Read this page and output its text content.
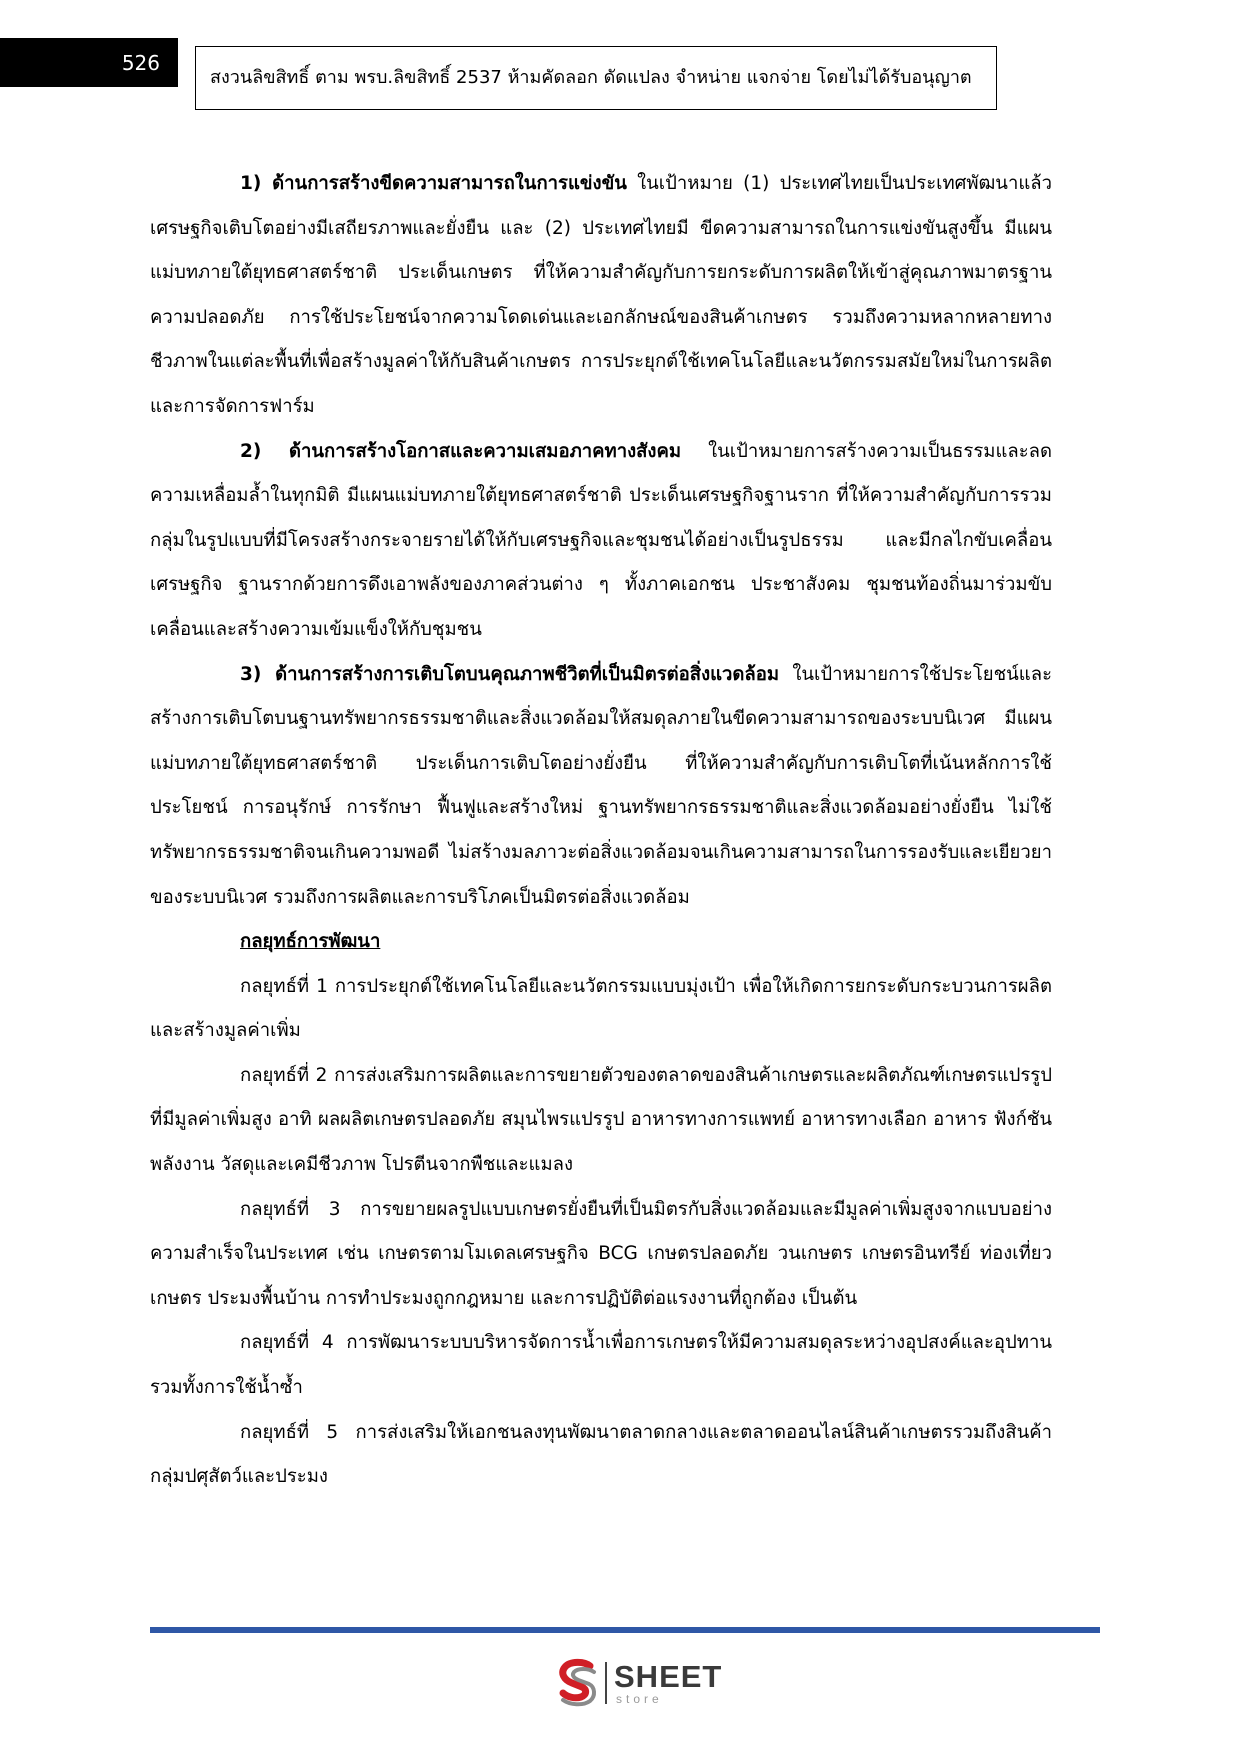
526
สงวนลิขสิทธิ์ ตาม พรบ.ลิขสิทธิ์ 2537 ห้ามคัดลอก ดัดแปลง จำหน่าย แจกจ่าย โดยไม่ได้รับอนุญาต

1) ด้านการสร้างขีดความสามารถในการแข่งขัน ในเป้าหมาย (1) ประเทศไทยเป็นประเทศพัฒนาแล้ว เศรษฐกิจเติบโตอย่างมีเสถียรภาพและยั่งยืน และ (2) ประเทศไทยมี ขีดความสามารถในการแข่งขันสูงขึ้น มีแผนแม่บทภายใต้ยุทธศาสตร์ชาติ ประเด็นเกษตร ที่ให้ความสำคัญกับการยกระดับการผลิตให้เข้าสู่คุณภาพมาตรฐานความปลอดภัย การใช้ประโยชน์จากความโดดเด่นและเอกลักษณ์ของสินค้าเกษตร รวมถึงความหลากหลายทางชีวภาพในแต่ละพื้นที่เพื่อสร้างมูลค่าให้กับสินค้าเกษตร การประยุกต์ใช้เทคโนโลยีและนวัตกรรมสมัยใหม่ในการผลิตและการจัดการฟาร์ม

2) ด้านการสร้างโอกาสและความเสมอภาคทางสังคม ในเป้าหมายการสร้างความเป็นธรรมและลดความเหลื่อมล้ำในทุกมิติ มีแผนแม่บทภายใต้ยุทธศาสตร์ชาติ ประเด็นเศรษฐกิจฐานราก ที่ให้ความสำคัญกับการรวมกลุ่มในรูปแบบที่มีโครงสร้างกระจายรายได้ให้กับเศรษฐกิจและชุมชนได้อย่างเป็นรูปธรรม และมีกลไกขับเคลื่อนเศรษฐกิจ ฐานรากด้วยการดึงเอาพลังของภาคส่วนต่าง ๆ ทั้งภาคเอกชน ประชาสังคม ชุมชนท้องถิ่นมาร่วมขับเคลื่อนและสร้างความเข้มแข็งให้กับชุมชน

3) ด้านการสร้างการเติบโตบนคุณภาพชีวิตที่เป็นมิตรต่อสิ่งแวดล้อม ในเป้าหมายการใช้ประโยชน์และสร้างการเติบโตบนฐานทรัพยากรธรรมชาติและสิ่งแวดล้อมให้สมดุลภายในขีดความสามารถของระบบนิเวศ มีแผนแม่บทภายใต้ยุทธศาสตร์ชาติ ประเด็นการเติบโตอย่างยั่งยืน ที่ให้ความสำคัญกับการเติบโตที่เน้นหลักการใช้ประโยชน์ การอนุรักษ์ การรักษา ฟื้นฟูและสร้างใหม่ ฐานทรัพยากรธรรมชาติและสิ่งแวดล้อมอย่างยั่งยืน ไม่ใช้ทรัพยากรธรรมชาติจนเกินความพอดี ไม่สร้างมลภาวะต่อสิ่งแวดล้อมจนเกินความสามารถในการรองรับและเยียวยาของระบบนิเวศ รวมถึงการผลิตและการบริโภคเป็นมิตรต่อสิ่งแวดล้อม

กลยุทธ์การพัฒนา

กลยุทธ์ที่ 1 การประยุกต์ใช้เทคโนโลยีและนวัตกรรมแบบมุ่งเป้า เพื่อให้เกิดการยกระดับกระบวนการผลิต และสร้างมูลค่าเพิ่ม

กลยุทธ์ที่ 2 การส่งเสริมการผลิตและการขยายตัวของตลาดของสินค้าเกษตรและผลิตภัณฑ์เกษตรแปรรูปที่มีมูลค่าเพิ่มสูง อาทิ ผลผลิตเกษตรปลอดภัย สมุนไพรแปรรูป อาหารทางการแพทย์ อาหารทางเลือก อาหาร ฟังก์ชัน พลังงาน วัสดุและเคมีชีวภาพ โปรตีนจากพืชและแมลง

กลยุทธ์ที่ 3 การขยายผลรูปแบบเกษตรยั่งยืนที่เป็นมิตรกับสิ่งแวดล้อมและมีมูลค่าเพิ่มสูงจากแบบอย่าง ความสำเร็จในประเทศ เช่น เกษตรตามโมเดลเศรษฐกิจ BCG เกษตรปลอดภัย วนเกษตร เกษตรอินทรีย์ ท่องเที่ยวเกษตร ประมงพื้นบ้าน การทำประมงถูกกฎหมาย และการปฏิบัติต่อแรงงานที่ถูกต้อง เป็นต้น

กลยุทธ์ที่ 4 การพัฒนาระบบบริหารจัดการน้ำเพื่อการเกษตรให้มีความสมดุลระหว่างอุปสงค์และอุปทาน รวมทั้งการใช้น้ำซ้ำ

กลยุทธ์ที่ 5 การส่งเสริมให้เอกชนลงทุนพัฒนาตลาดกลางและตลาดออนไลน์สินค้าเกษตรรวมถึงสินค้า กลุ่มปศุสัตว์และประมง

SHEET
store
